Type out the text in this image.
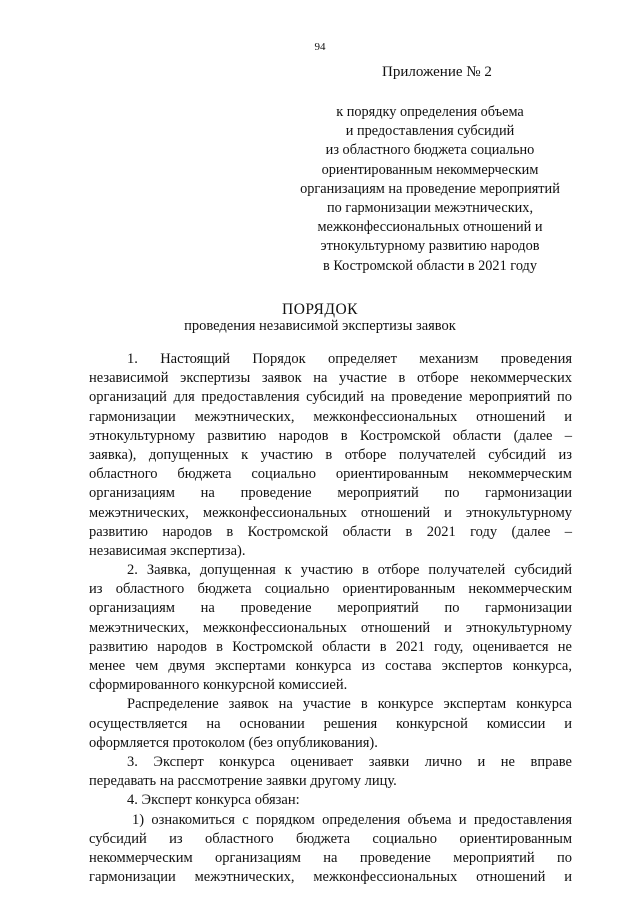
94
Приложение № 2
к порядку определения объема
и предоставления субсидий
из областного бюджета социально
ориентированным некоммерческим
организациям на проведение мероприятий
по гармонизации межэтнических,
межконфессиональных отношений и
этнокультурному развитию народов
в Костромской области в 2021 году
ПОРЯДОК
проведения независимой экспертизы заявок
1. Настоящий Порядок определяет механизм проведения
независимой экспертизы заявок на участие в отборе некоммерческих
организаций для предоставления субсидий на проведение мероприятий по
гармонизации межэтнических, межконфессиональных отношений и
этнокультурному развитию народов в Костромской области (далее –
заявка), допущенных к участию в отборе получателей субсидий из
областного бюджета социально ориентированным некоммерческим
организациям на проведение мероприятий по гармонизации
межэтнических, межконфессиональных отношений и этнокультурному
развитию народов в Костромской области в 2021 году (далее –
независимая экспертиза).
2. Заявка, допущенная к участию в отборе получателей субсидий
из областного бюджета социально ориентированным некоммерческим
организациям на проведение мероприятий по гармонизации
межэтнических, межконфессиональных отношений и этнокультурному
развитию народов в Костромской области в 2021 году, оценивается не
менее чем двумя экспертами конкурса из состава экспертов конкурса,
сформированного конкурсной комиссией.
Распределение заявок на участие в конкурсе экспертам конкурса
осуществляется на основании решения конкурсной комиссии и
оформляется протоколом (без опубликования).
3. Эксперт конкурса оценивает заявки лично и не вправе
передавать на рассмотрение заявки другому лицу.
4. Эксперт конкурса обязан:
1) ознакомиться с порядком определения объема и предоставления
субсидий из областного бюджета социально ориентированным
некоммерческим организациям на проведение мероприятий по
гармонизации межэтнических, межконфессиональных отношений и
